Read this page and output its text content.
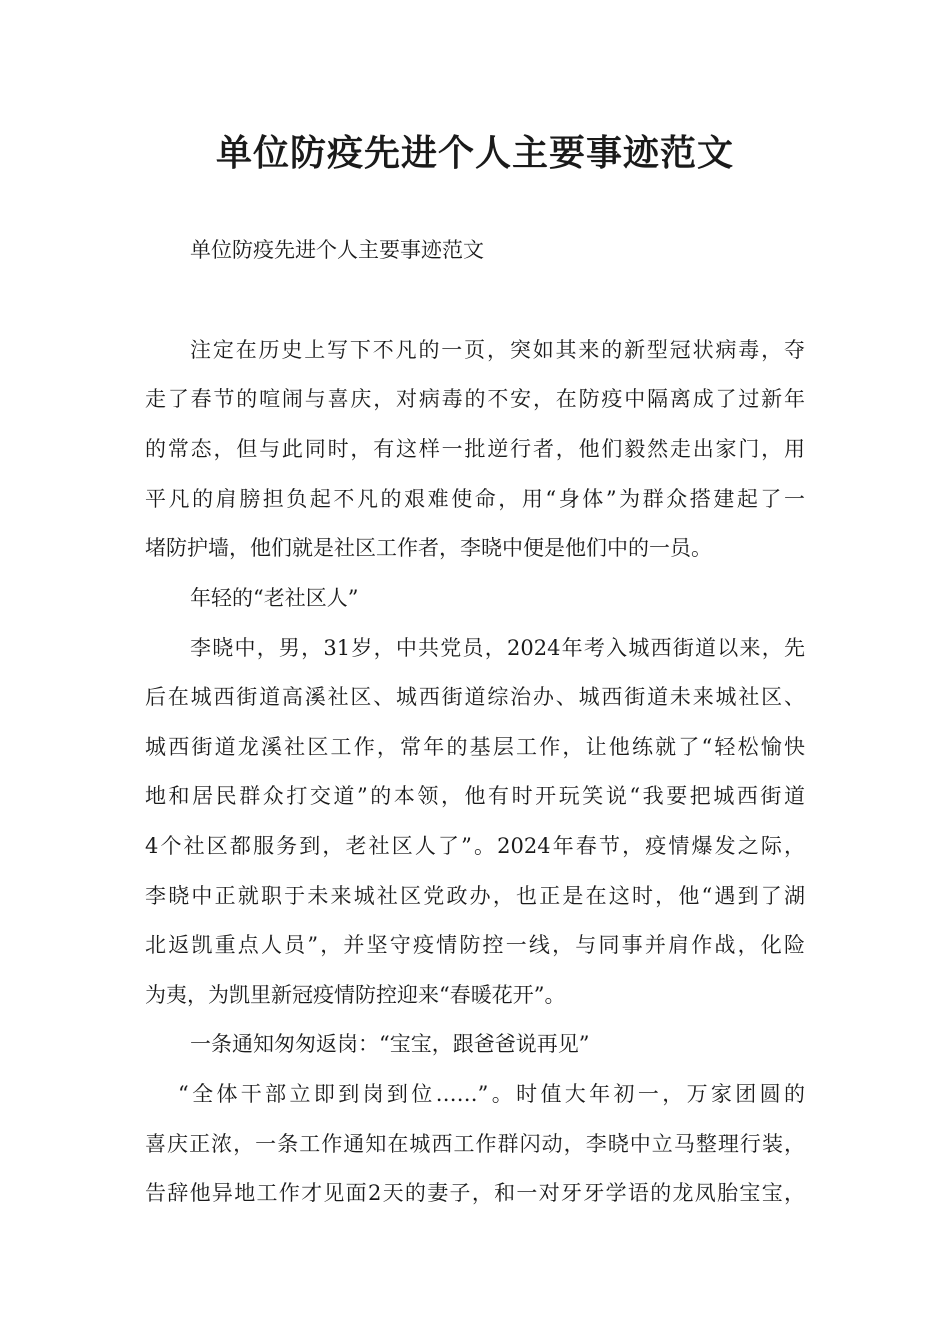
单位防疫先进个人主要事迹范文

单位防疫先进个人主要事迹范文

注定在历史上写下不凡的一页，突如其来的新型冠状病毒，夺

走了春节的喧闹与喜庆，对病毒的不安，在防疫中隔离成了过新年

的常态，但与此同时，有这样一批逆行者，他们毅然走出家门，用

平凡的肩膀担负起不凡的艰难使命，用“身体”为群众搭建起了一

堵防护墙，他们就是社区工作者，李晓中便是他们中的一员。

年轻的“老社区人”

李晓中，男，31岁，中共党员，2024年考入城西街道以来，先

后在城西街道高溪社区、城西街道综治办、城西街道未来城社区、

城西街道龙溪社区工作，常年的基层工作，让他练就了“轻松愉快

地和居民群众打交道”的本领，他有时开玩笑说“我要把城西街道

4个社区都服务到，老社区人了”。2024年春节，疫情爆发之际，

李晓中正就职于未来城社区党政办，也正是在这时，他“遇到了湖

北返凯重点人员”，并坚守疫情防控一线，与同事并肩作战，化险

为夷，为凯里新冠疫情防控迎来“春暖花开”。

一条通知匆匆返岗：“宝宝，跟爸爸说再见”

“全体干部立即到岗到位……”。时值大年初一，万家团圆的

喜庆正浓，一条工作通知在城西工作群闪动，李晓中立马整理行装，

告辞他异地工作才见面2天的妻子，和一对牙牙学语的龙凤胎宝宝，
